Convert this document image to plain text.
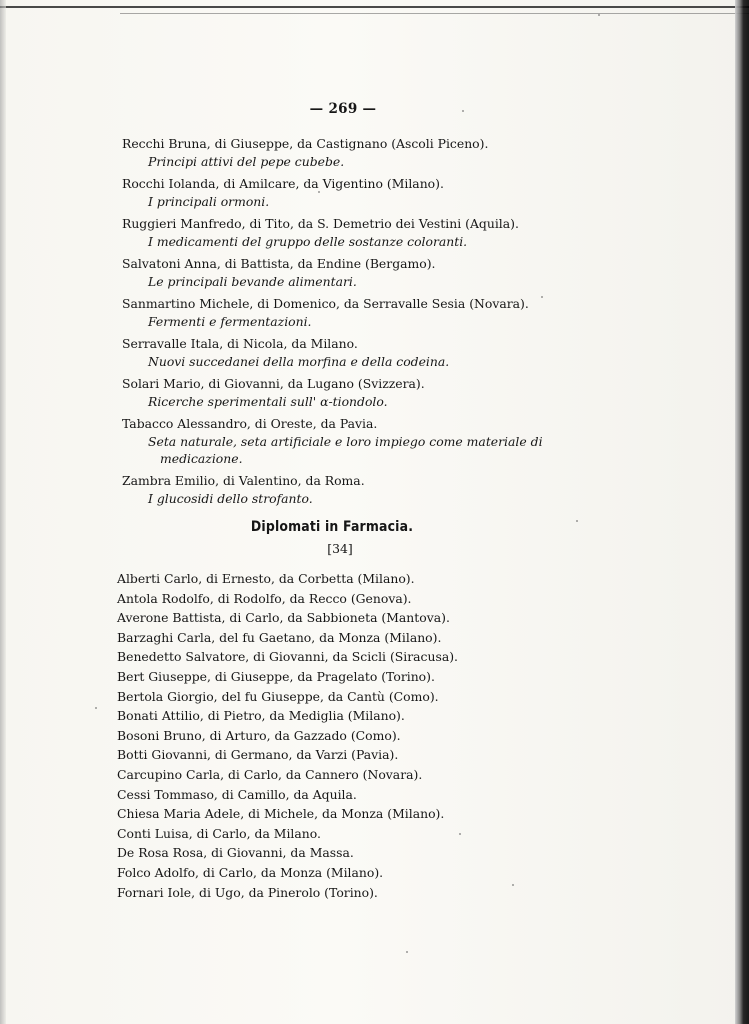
— 269 —
Recchi Bruna, di Giuseppe, da Castignano (Ascoli Piceno).
Principi attivi del pepe cubebe.
Rocchi Iolanda, di Amilcare, da Vigentino (Milano).
I principali ormoni.
Ruggieri Manfredo, di Tito, da S. Demetrio dei Vestini (Aquila).
I medicamenti del gruppo delle sostanze coloranti.
Salvatoni Anna, di Battista, da Endine (Bergamo).
Le principali bevande alimentari.
Sanmartino Michele, di Domenico, da Serravalle Sesia (Novara).
Fermenti e fermentazioni.
Serravalle Itala, di Nicola, da Milano.
Nuovi succedanei della morfina e della codeina.
Solari Mario, di Giovanni, da Lugano (Svizzera).
Ricerche sperimentali sull' α-tiondolo.
Tabacco Alessandro, di Oreste, da Pavia.
Seta naturale, seta artificiale e loro impiego come materiale di
medicazione.
Zambra Emilio, di Valentino, da Roma.
I glucosidi dello strofanto.
Diplomati in Farmacia.
[34]
Alberti Carlo, di Ernesto, da Corbetta (Milano).
Antola Rodolfo, di Rodolfo, da Recco (Genova).
Averone Battista, di Carlo, da Sabbioneta (Mantova).
Barzaghi Carla, del fu Gaetano, da Monza (Milano).
Benedetto Salvatore, di Giovanni, da Scicli (Siracusa).
Bert Giuseppe, di Giuseppe, da Pragelato (Torino).
Bertola Giorgio, del fu Giuseppe, da Cantù (Como).
Bonati Attilio, di Pietro, da Mediglia (Milano).
Bosoni Bruno, di Arturo, da Gazzado (Como).
Botti Giovanni, di Germano, da Varzi (Pavia).
Carcupino Carla, di Carlo, da Cannero (Novara).
Cessi Tommaso, di Camillo, da Aquila.
Chiesa Maria Adele, di Michele, da Monza (Milano).
Conti Luisa, di Carlo, da Milano.
De Rosa Rosa, di Giovanni, da Massa.
Folco Adolfo, di Carlo, da Monza (Milano).
Fornari Iole, di Ugo, da Pinerolo (Torino).
